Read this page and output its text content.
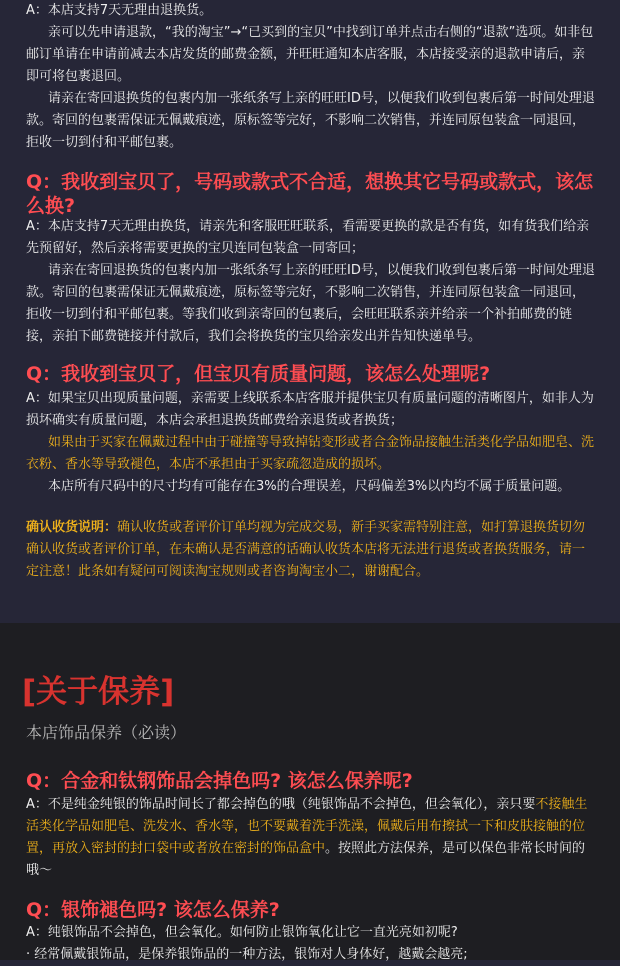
A：本店支持7天无理由退换货。

亲可以先申请退款，“我的淘宝”→“已买到的宝贝”中找到订单并点击右侧的“退款”选项。如非包邮订单请在申请前减去本店发货的邮费金额，并旺旺通知本店客服，本店接受亲的退款申请后，亲即可将包裹退回。

请亲在寄回退换货的包裹内加一张纸条写上亲的旺旺ID号，以便我们收到包裹后第一时间处理退款。寄回的包裹需保证无佩戴痕迹，原标签等完好，不影响二次销售，并连同原包装盒一同退回，拒收一切到付和平邮包裹。

Q：我收到宝贝了，号码或款式不合适，想换其它号码或款式，该怎么换?

A：本店支持7天无理由换货，请亲先和客服旺旺联系，看需要更换的款是否有货，如有货我们给亲先预留好，然后亲将需要更换的宝贝连同包装盒一同寄回；

请亲在寄回退换货的包裹内加一张纸条写上亲的旺旺ID号，以便我们收到包裹后第一时间处理退款。寄回的包裹需保证无佩戴痕迹，原标签等完好，不影响二次销售，并连同原包装盒一同退回，拒收一切到付和平邮包裹。等我们收到亲寄回的包裹后，会旺旺联系亲并给亲一个补拍邮费的链接，亲拍下邮费链接并付款后，我们会将换货的宝贝给亲发出并告知快递单号。

Q：我收到宝贝了，但宝贝有质量问题，该怎么处理呢?

A：如果宝贝出现质量问题，亲需要上线联系本店客服并提供宝贝有质量问题的清晰图片，如非人为损坏确实有质量问题，本店会承担退换货邮费给亲退货或者换货；

如果由于买家在佩戴过程中由于碰撞等导致掉钻变形或者合金饰品接触生活类化学品如肥皂、洗衣粉、香水等导致褪色，本店不承担由于买家疏忽造成的损坏。

本店所有尺码中的尺寸均有可能存在3%的合理误差，尺码偏差3%以内均不属于质量问题。

确认收货说明：确认收货或者评价订单均视为完成交易，新手买家需特别注意，如打算退换货切勿确认收货或者评价订单，在未确认是否满意的话确认收货本店将无法进行退货或者换货服务，请一定注意！此条如有疑问可阅读淘宝规则或者咨询淘宝小二，谢谢配合。

[关于保养]

本店饰品保养（必读）

Q：合金和钛钢饰品会掉色吗? 该怎么保养呢?

A：不是纯金纯银的饰品时间长了都会掉色的哦（纯银饰品不会掉色，但会氧化），亲只要不接触生活类化学品如肥皂、洗发水、香水等，也不要戴着洗手洗澡，佩戴后用布擦拭一下和皮肤接触的位置，再放入密封的封口袋中或者放在密封的饰品盒中。按照此方法保养，是可以保色非常长时间的哦～

Q：银饰褪色吗? 该怎么保养?

A：纯银饰品不会掉色，但会氧化。如何防止银饰氧化让它一直光亮如初呢?

· 经常佩戴银饰品，是保养银饰品的一种方法，银饰对人身体好，越戴会越亮;
